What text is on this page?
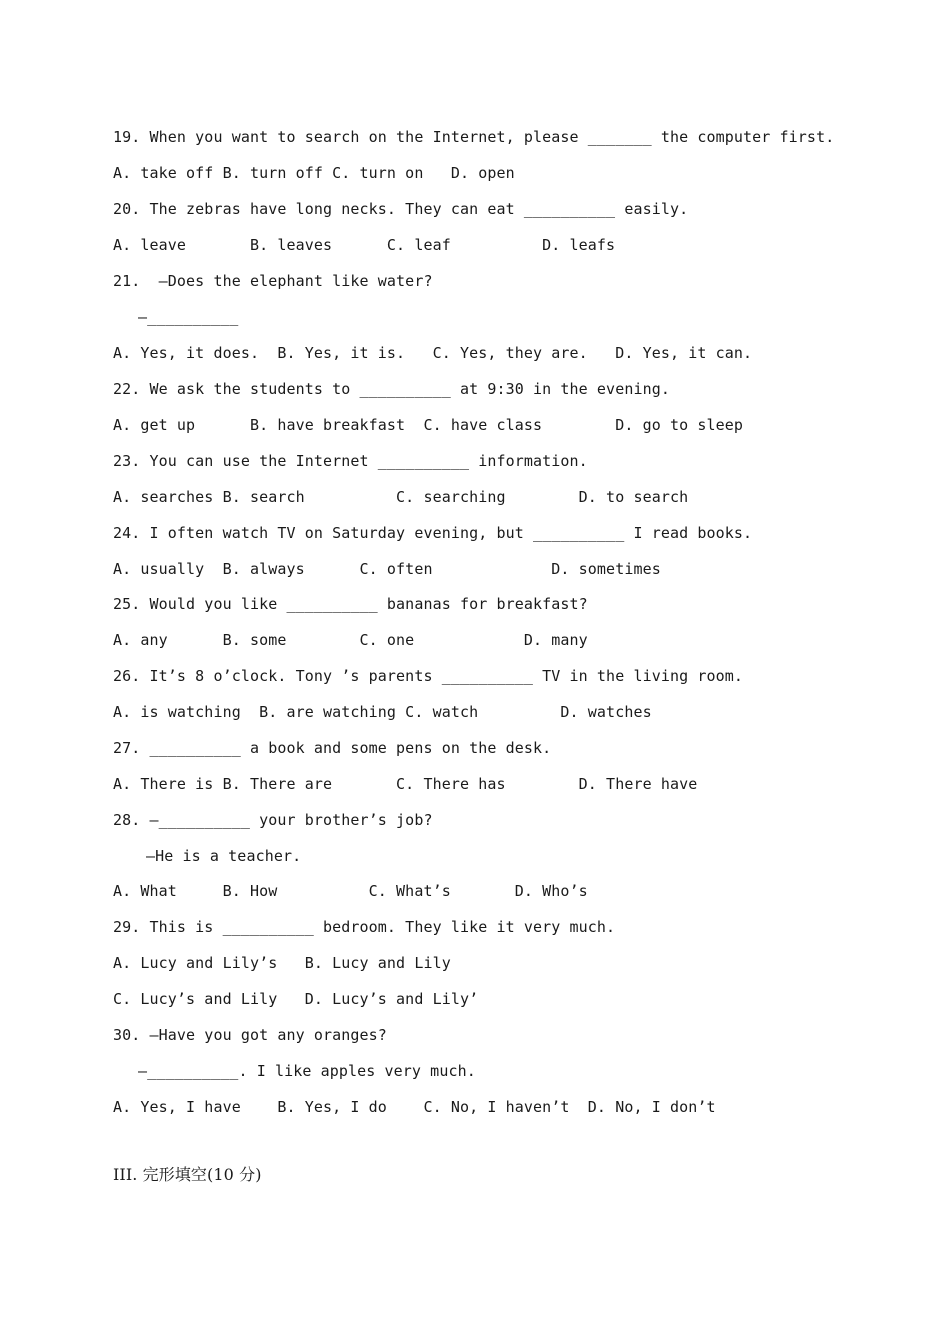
19. When you want to search on the Internet, please _______ the computer first.
A. take off B. turn off C. turn on   D. open
20. The zebras have long necks. They can eat __________ easily.
A. leave       B. leaves      C. leaf          D. leafs
21.  —Does the elephant like water?
—__________
A. Yes, it does.  B. Yes, it is.   C. Yes, they are.   D. Yes, it can.
22. We ask the students to __________ at 9:30 in the evening.
A. get up      B. have breakfast  C. have class        D. go to sleep
23. You can use the Internet __________ information.
A. searches B. search          C. searching        D. to search
24. I often watch TV on Saturday evening, but __________ I read books.
A. usually  B. always      C. often             D. sometimes
25. Would you like __________ bananas for breakfast?
A. any      B. some        C. one            D. many
26. It’s 8 o’clock. Tony ’s parents __________ TV in the living room.
A. is watching  B. are watching C. watch         D. watches
27. __________ a book and some pens on the desk.
A. There is B. There are       C. There has        D. There have
28. —__________ your brother’s job?
—He is a teacher.
A. What     B. How          C. What’s       D. Who’s
29. This is __________ bedroom. They like it very much.
A. Lucy and Lily’s   B. Lucy and Lily
C. Lucy’s and Lily   D. Lucy’s and Lily’
30. —Have you got any oranges?
—__________. I like apples very much.
A. Yes, I have    B. Yes, I do    C. No, I haven’t  D. No, I don’t
III. 完形填空(10 分)
